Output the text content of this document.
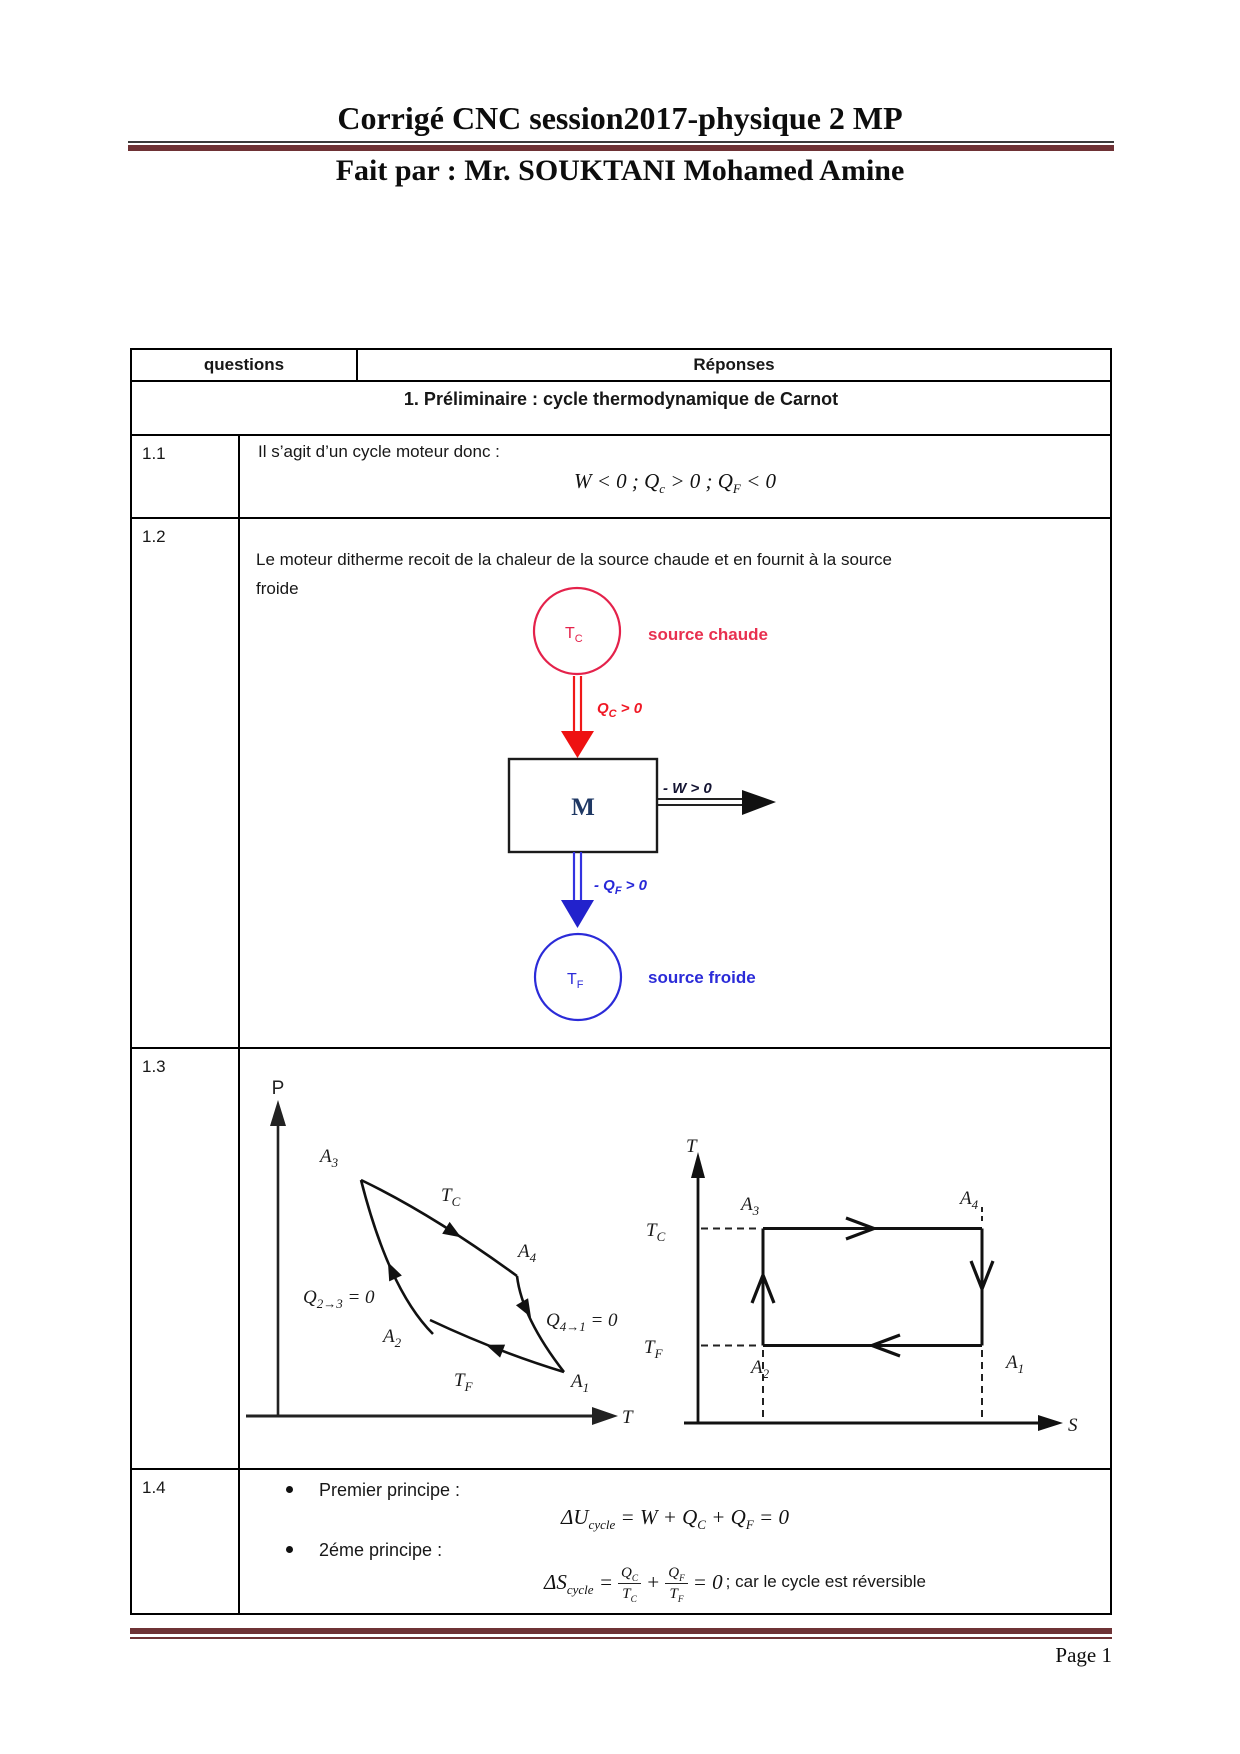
Corrigé CNC session2017-physique 2 MP
Fait par : Mr. SOUKTANI Mohamed Amine
questions	Réponses
1. Préliminaire : cycle thermodynamique de Carnot
1.1	Il s’agit d’un cycle moteur donc :
W < 0 ; $Q_c > 0$ ; $Q_F < 0$
1.2
Le moteur ditherme recoit de la chaleur de la source chaude et en fournit à la source
froide
1.3
1.4	Premier principe :
$\Delta U_{cycle} = W + Q_C + Q_F = 0$
2éme principe :
$\Delta S_{cycle} = \frac{Q_C}{T_C} + \frac{Q_F}{T_F} = 0$ ; car le cycle est réversible
$T_C$	source chaude
$Q_C > 0$
M
- W > 0
- $Q_F > 0$
$T_F$	source froide
P
T
$A_3$
$T_C$
$A_4$
$Q_{2\to 3} = 0$
$A_2$
$Q_{4\to 1} = 0$
$T_F$	$A_1$
T
S
$T_C$
$T_F$
$A_3$
$A_4$
$A_2$
$A_1$
Page 1
